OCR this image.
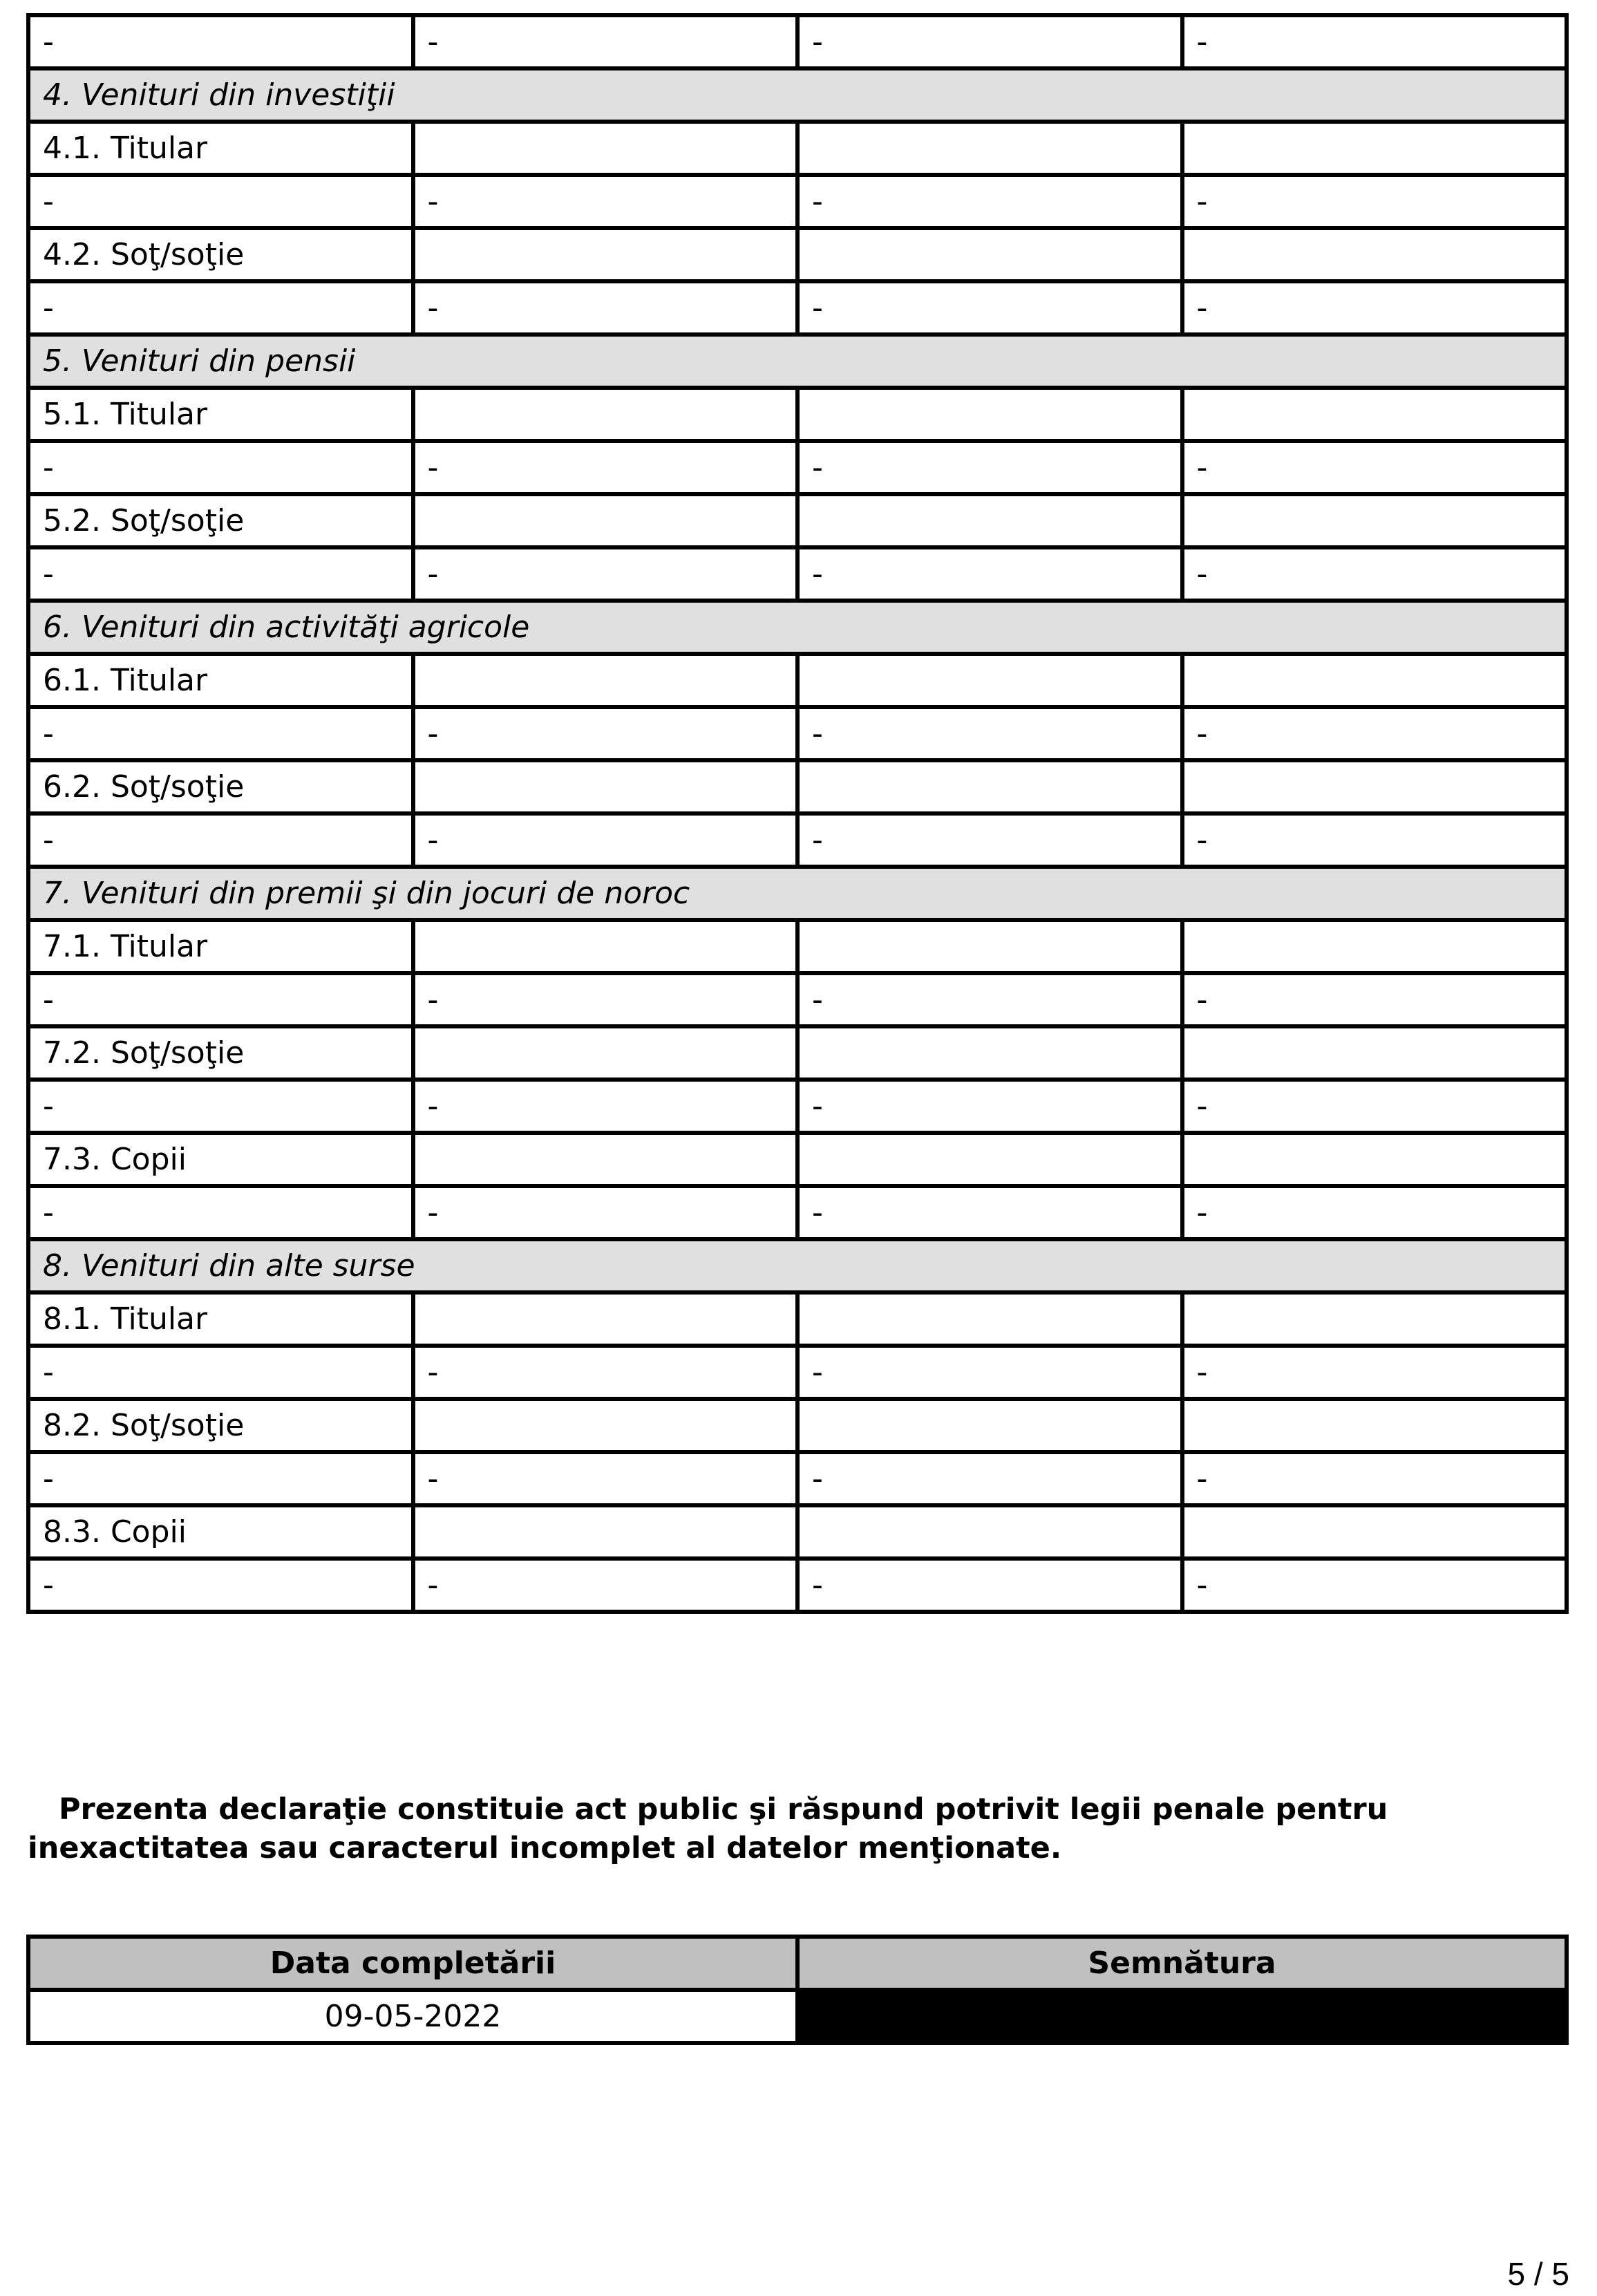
-	-	-	-
4. Venituri din investiţii			
4.1. Titular			
-	-	-	-
4.2. Soţ/soţie			
-	-	-	-
5. Venituri din pensii			
5.1. Titular			
-	-	-	-
5.2. Soţ/soţie			
-	-	-	-
6. Venituri din activităţi agricole			
6.1. Titular			
-	-	-	-
6.2. Soţ/soţie			
-	-	-	-
7. Venituri din premii şi din jocuri de noroc			
7.1. Titular			
-	-	-	-
7.2. Soţ/soţie			
-	-	-	-
7.3. Copii			
-	-	-	-
8. Venituri din alte surse			
8.1. Titular			
-	-	-	-
8.2. Soţ/soţie			
-	-	-	-
8.3. Copii			
-	-	-	-

Prezenta declaraţie constituie act public şi răspund potrivit legii penale pentru inexactitatea sau caracterul incomplet al datelor menţionate.

Data completării	Semnătura
09-05-2022	
5 / 5
